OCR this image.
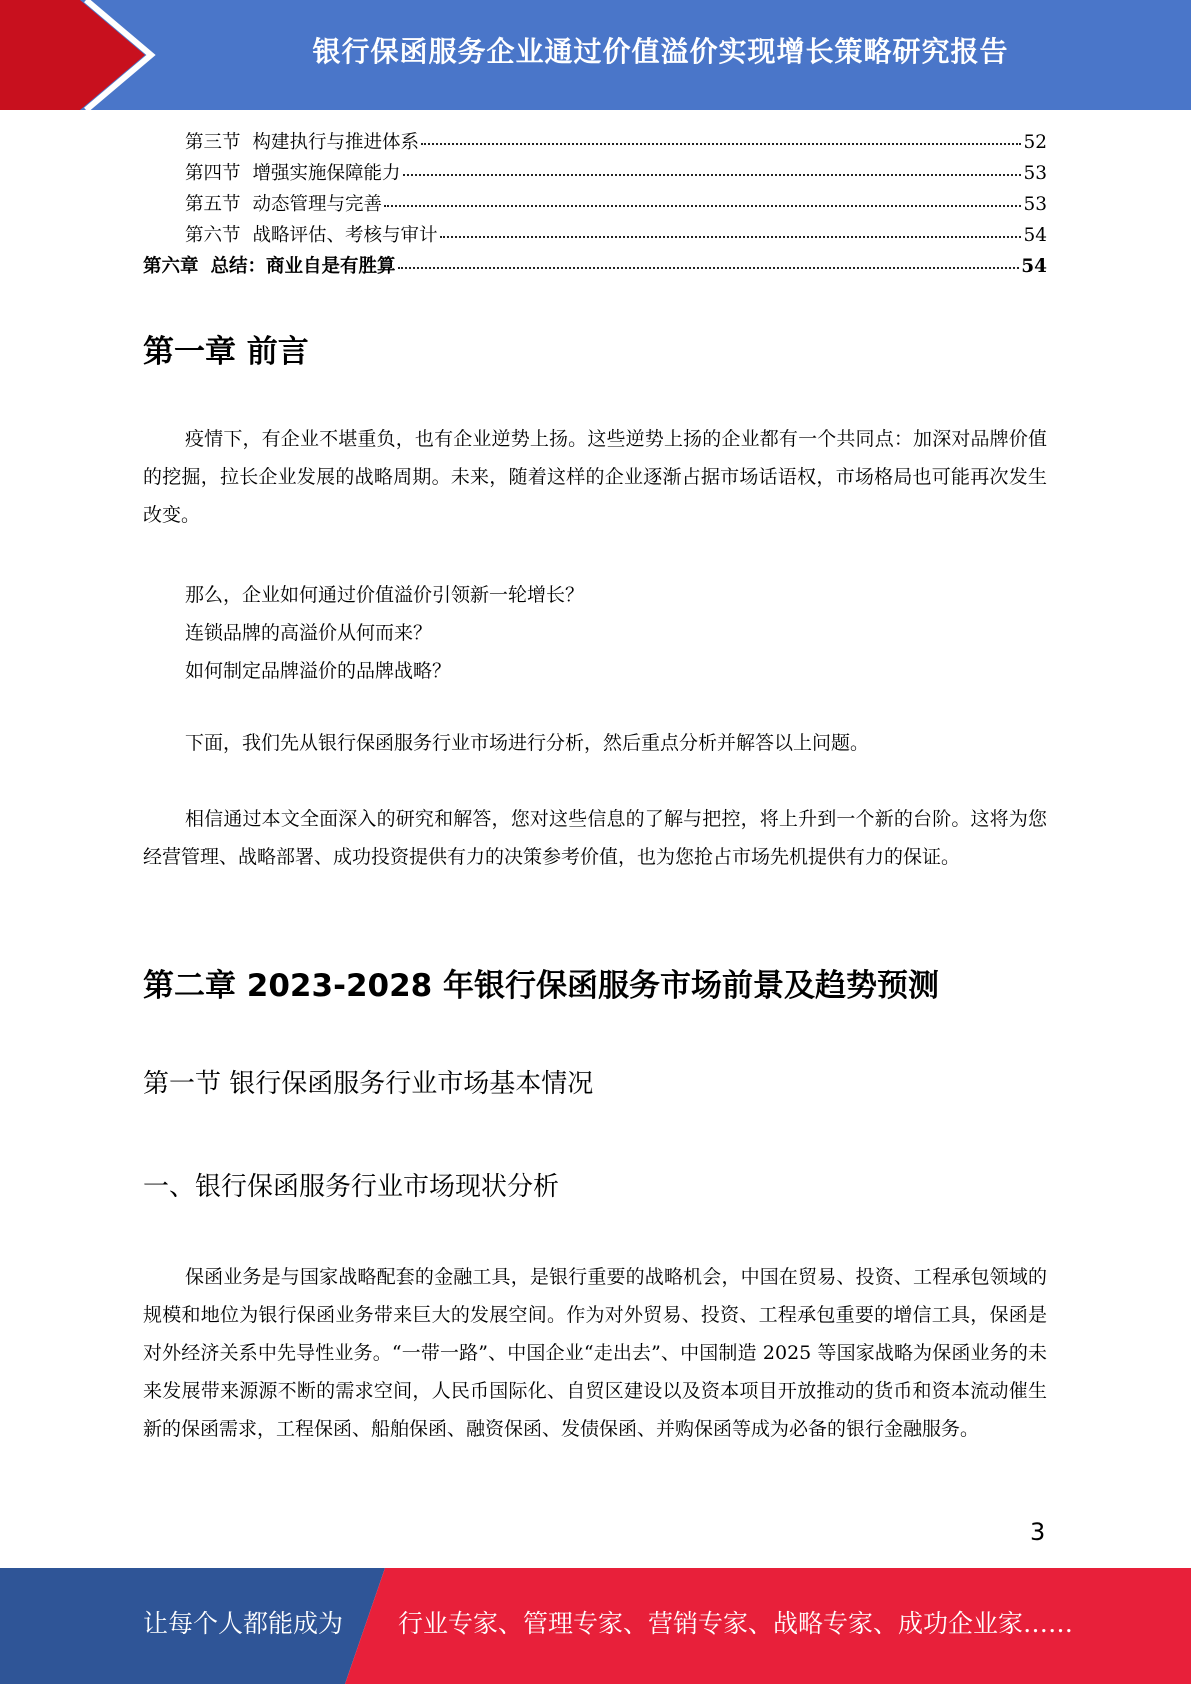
银行保函服务企业通过价值溢价实现增长策略研究报告
第三节 构建执行与推进体系	52
第四节 增强实施保障能力	53
第五节 动态管理与完善	53
第六节 战略评估、考核与审计	54
第六章 总结：商业自是有胜算	54
第一章 前言
疫情下，有企业不堪重负，也有企业逆势上扬。这些逆势上扬的企业都有一个共同点：加深对品牌价值的挖掘，拉长企业发展的战略周期。未来，随着这样的企业逐渐占据市场话语权，市场格局也可能再次发生改变。
那么，企业如何通过价值溢价引领新一轮增长？
连锁品牌的高溢价从何而来？
如何制定品牌溢价的品牌战略？
下面，我们先从银行保函服务行业市场进行分析，然后重点分析并解答以上问题。
相信通过本文全面深入的研究和解答，您对这些信息的了解与把控，将上升到一个新的台阶。这将为您经营管理、战略部署、成功投资提供有力的决策参考价值，也为您抢占市场先机提供有力的保证。
第二章 2023-2028 年银行保函服务市场前景及趋势预测
第一节 银行保函服务行业市场基本情况
一、银行保函服务行业市场现状分析
保函业务是与国家战略配套的金融工具，是银行重要的战略机会，中国在贸易、投资、工程承包领域的规模和地位为银行保函业务带来巨大的发展空间。作为对外贸易、投资、工程承包重要的增信工具，保函是对外经济关系中先导性业务。“一带一路”、中国企业“走出去”、中国制造 2025 等国家战略为保函业务的未来发展带来源源不断的需求空间，人民币国际化、自贸区建设以及资本项目开放推动的货币和资本流动催生新的保函需求，工程保函、船舶保函、融资保函、发债保函、并购保函等成为必备的银行金融服务。
3
让每个人都能成为 行业专家、管理专家、营销专家、战略专家、成功企业家……
